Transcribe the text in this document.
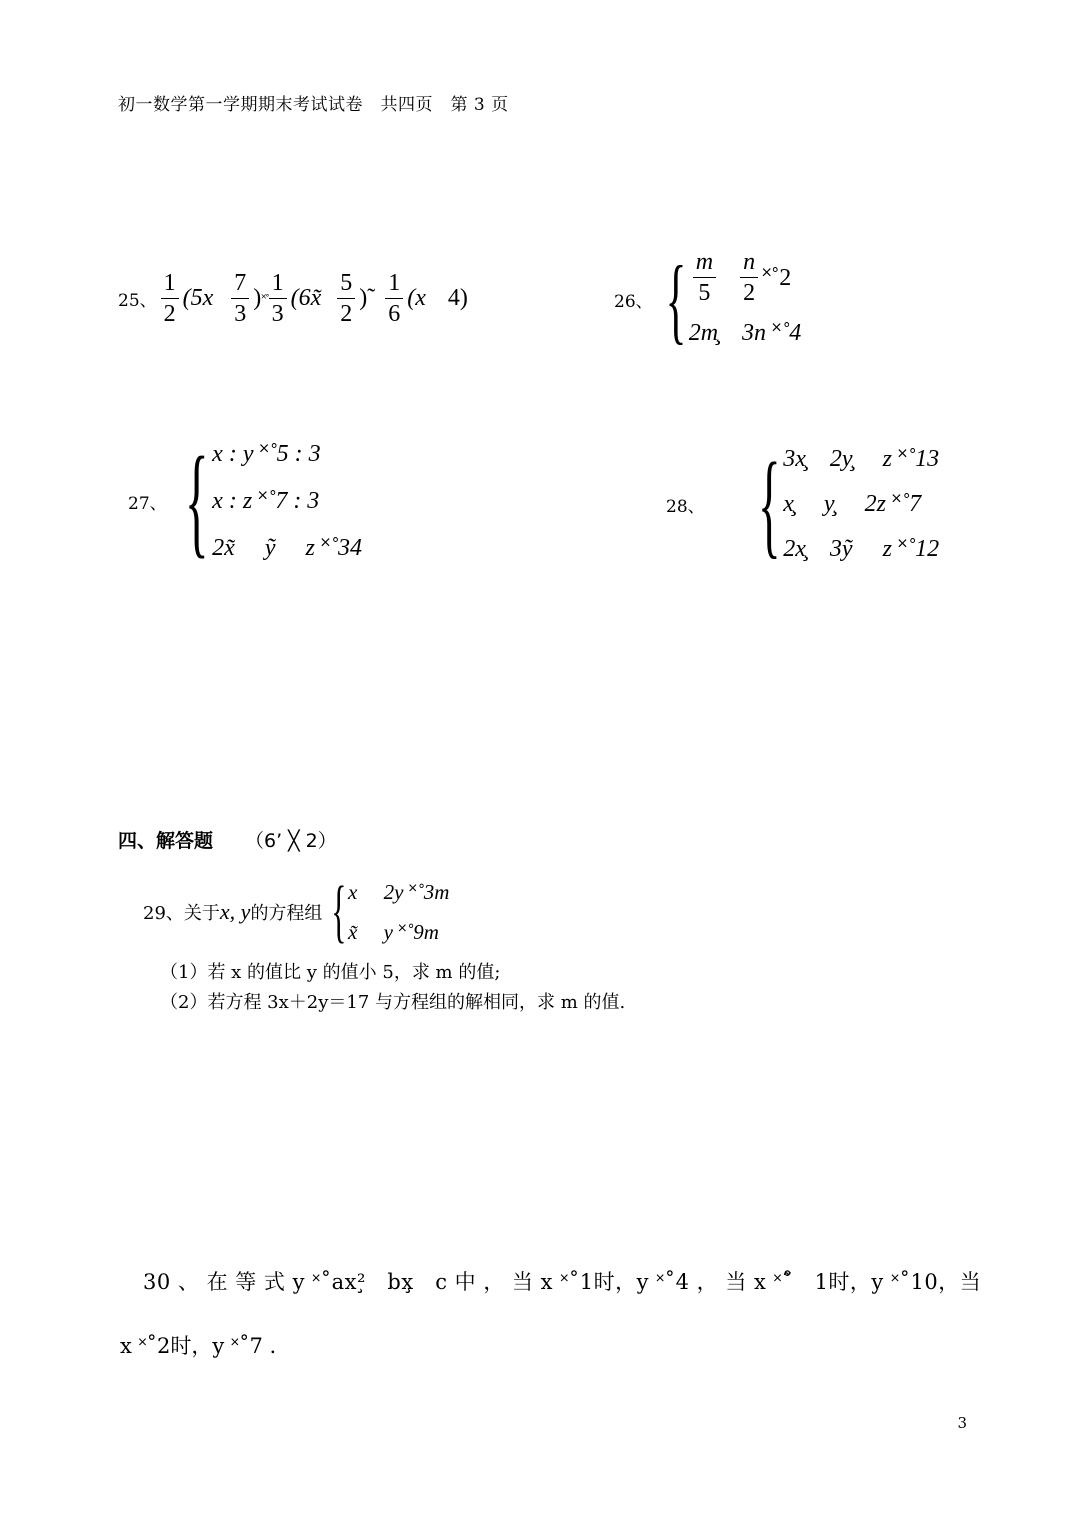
初一数学第一学期期末考试试卷　共四页　第 3 页
25、 $\frac{1}{2} (5x \frac{7}{3}$ ) ˟˚ $\frac{1}{3}$ (6x̃ $\frac{5}{2}$ )̃ $\frac{1}{6} (x$ 4)	26、 { $\frac{m}{5} \frac{n}{2}$ ˟˚2
2m̧　3n ˟˚4
27、 { x : y ˟˚5 : 3
x : z ˟˚7 : 3
2x̃　 ỹ　 z ˟˚34
28、 { 3x̧　2y̧　 z ˟˚13
x̧　 y̧　 2z ˟˚7
2x̧　3ỹ　 z ˟˚12
四、解答题 （6’ ╳ 2）
29、关于 x, y 的方程组 { x　 2y ˟˚3m
x̃　 y ˟˚9m
（1）若 x 的值比 y 的值小 5，求 m 的值;
（2）若方程 3x＋2y＝17 与方程组的解相同，求 m 的值.
30 、 在 等 式 y ˟˚ax²̧　bx̧　c 中 ， 当 x ˟˚1时，y ˟˚4 ， 当 x ˟˚̃　1时，y ˟˚10，当
x ˟˚2时，y ˟˚7 .
3
